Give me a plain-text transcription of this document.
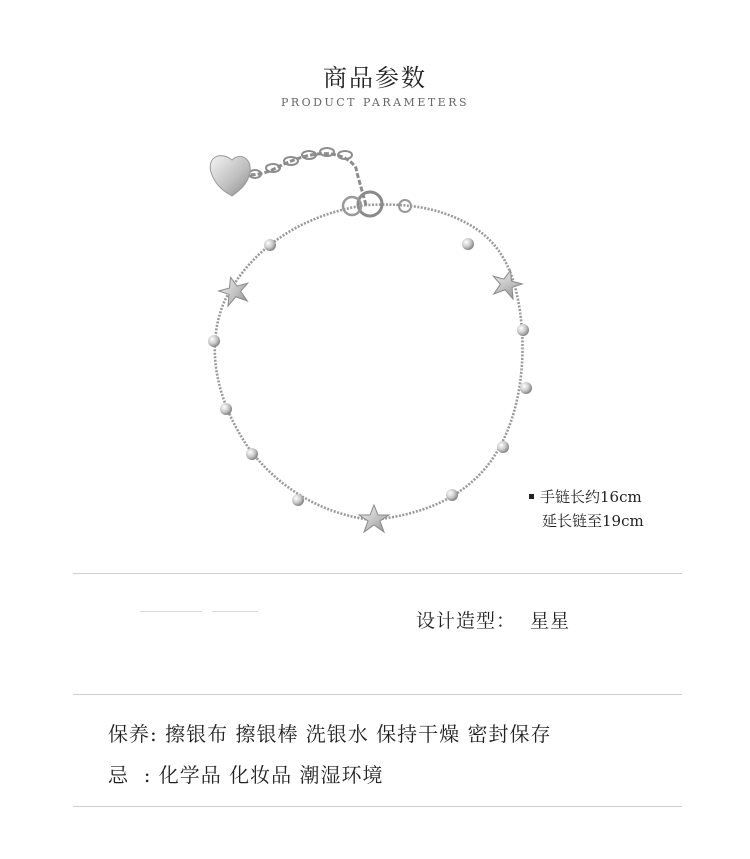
商品参数
PRODUCT PARAMETERS
手链长约16cm
延长链至19cm
设计造型： 星星
保养: 擦银布 擦银棒 洗银水 保持干燥 密封保存
忌  : 化学品 化妆品 潮湿环境
